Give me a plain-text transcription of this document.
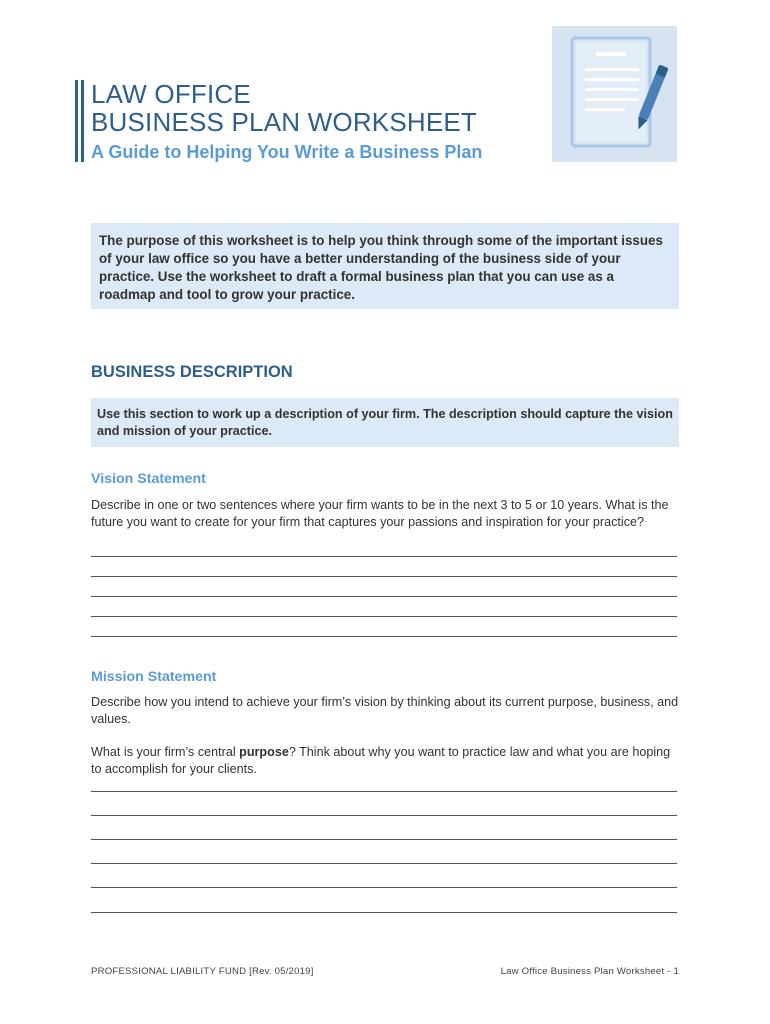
LAW OFFICE
BUSINESS PLAN WORKSHEET
A Guide to Helping You Write a Business Plan

The purpose of this worksheet is to help you think through some of the important issues of your law office so you have a better understanding of the business side of your practice. Use the worksheet to draft a formal business plan that you can use as a roadmap and tool to grow your practice.

BUSINESS DESCRIPTION

Use this section to work up a description of your firm. The description should capture the vision and mission of your practice.

Vision Statement

Describe in one or two sentences where your firm wants to be in the next 3 to 5 or 10 years. What is the future you want to create for your firm that captures your passions and inspiration for your practice?

Mission Statement

Describe how you intend to achieve your firm’s vision by thinking about its current purpose, business, and values.

What is your firm’s central purpose? Think about why you want to practice law and what you are hoping to accomplish for your clients.

PROFESSIONAL LIABILITY FUND [Rev. 05/2019]	Law Office Business Plan Worksheet - 1
